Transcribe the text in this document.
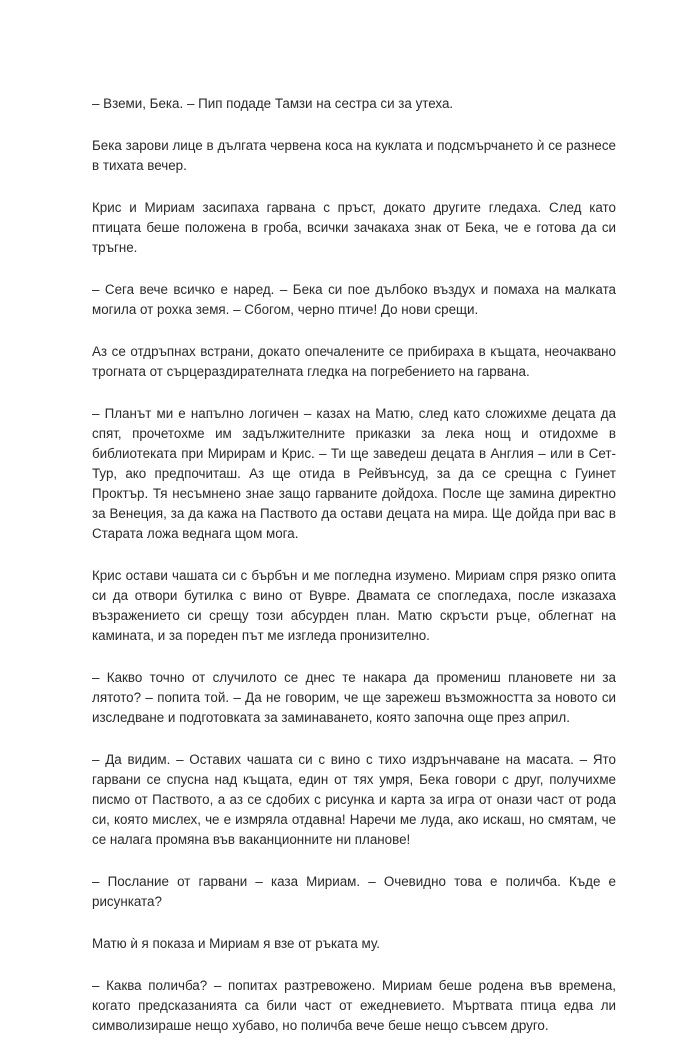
– Вземи, Бека. – Пип подаде Тамзи на сестра си за утеха.

Бека зарови лице в дългата червена коса на куклата и подсмърчането ѝ се разнесе в тихата вечер.

Крис и Мириам засипаха гарвана с пръст, докато другите гледаха. След като птицата беше положена в гроба, всички зачакаха знак от Бека, че е готова да си тръгне.

– Сега вече всичко е наред. – Бека си пое дълбоко въздух и помаха на малката могила от рохка земя. – Сбогом, черно птиче! До нови срещи.

Аз се отдръпнах встрани, докато опечалените се прибираха в къщата, неочаквано трогната от сърцераздирателната гледка на погребението на гарвана.

– Планът ми е напълно логичен – казах на Матю, след като сложихме децата да спят, прочетохме им задължителните приказки за лека нощ и отидохме в библиотеката при Мирирам и Крис. – Ти ще заведеш децата в Англия – или в Сет-Тур, ако предпочиташ. Аз ще отида в Рейвънсуд, за да се срещна с Гуинет Проктър. Тя несъмнено знае защо гарваните дойдоха. После ще замина директно за Венеция, за да кажа на Паството да остави децата на мира. Ще дойда при вас в Старата ложа веднага щом мога.

Крис остави чашата си с бърбън и ме погледна изумено. Мириам спря рязко опита си да отвори бутилка с вино от Вувре. Двамата се спогледаха, после изказаха възражението си срещу този абсурден план. Матю скръсти ръце, облегнат на камината, и за пореден път ме изгледа пронизително.

– Какво точно от случилото се днес те накара да промениш плановете ни за лятото? – попита той. – Да не говорим, че ще зарежеш възможността за новото си изследване и подготовката за заминаването, която започна още през април.

– Да видим. – Оставих чашата си с вино с тихо издрънчаване на масата. – Ято гарвани се спусна над къщата, един от тях умря, Бека говори с друг, получихме писмо от Паството, а аз се сдобих с рисунка и карта за игра от онази част от рода си, която мислех, че е измряла отдавна! Наречи ме луда, ако искаш, но смятам, че се налага промяна във ваканционните ни планове!

– Послание от гарвани – каза Мириам. – Очевидно това е поличба. Къде е рисунката?

Матю ѝ я показа и Мириам я взе от ръката му.

– Каква поличба? – попитах разтревожено. Мириам беше родена във времена, когато предсказанията са били част от ежедневието. Мъртвата птица едва ли символизираше нещо хубаво, но поличба вече беше нещо съвсем друго.
